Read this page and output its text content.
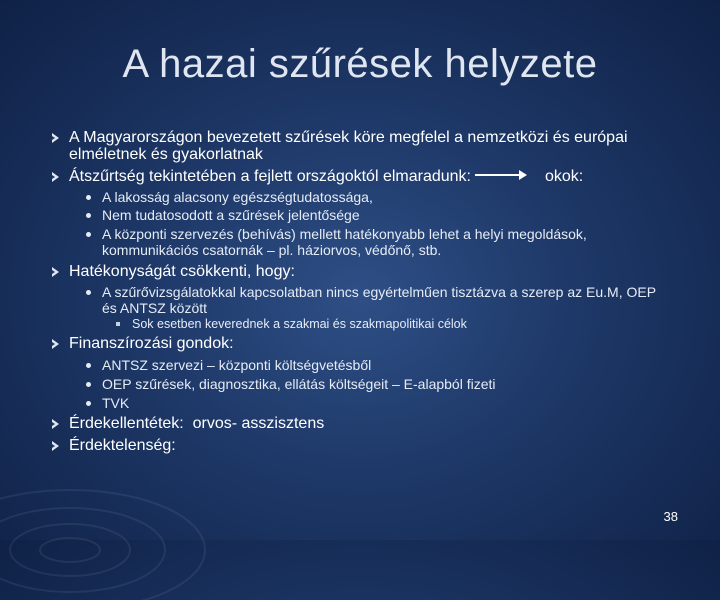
A hazai szűrések helyzete
A Magyarországon bevezetett szűrések köre megfelel a nemzetközi és európai elméletnek és gyakorlatnak
Átszűrtség tekintetében a fejlett országoktól elmaradunk:	okok:
A lakosság alacsony egészségtudatossága,
Nem tudatosodott a szűrések jelentősége
A központi szervezés (behívás) mellett hatékonyabb lehet a helyi megoldások, kommunikációs csatornák – pl. háziorvos, védőnő, stb.
Hatékonyságát csökkenti, hogy:
A szűrővizsgálatokkal kapcsolatban nincs egyértelműen tisztázva a szerep az Eu.M, OEP és ANTSZ között
Sok esetben keverednek a szakmai és szakmapolitikai célok
Finanszírozási gondok:
ANTSZ szervezi – központi költségvetésből
OEP szűrések, diagnosztika, ellátás költségeit – E-alapból fizeti
TVK
Érdekellentétek:  orvos- asszisztens
Érdektelenség:
38
